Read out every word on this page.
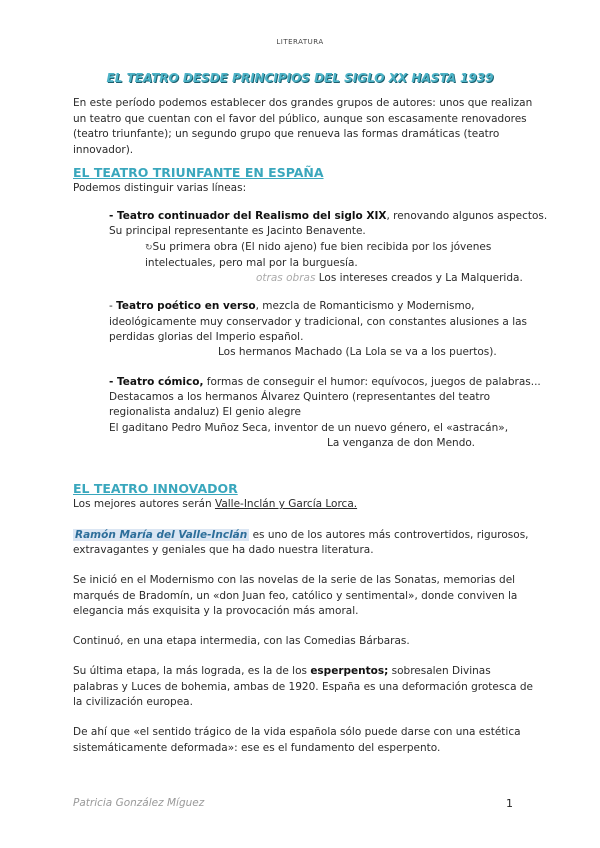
LITERATURA
EL TEATRO DESDE PRINCIPIOS DEL SIGLO XX HASTA 1939
En este período podemos establecer dos grandes grupos de autores: unos que realizan un teatro que cuentan con el favor del público, aunque son escasamente renovadores (teatro triunfante); un segundo grupo que renueva las formas dramáticas (teatro innovador).
EL TEATRO TRIUNFANTE EN ESPAÑA
Podemos distinguir varias líneas:
- Teatro continuador del Realismo del siglo XIX, renovando algunos aspectos.
Su principal representante es Jacinto Benavente.
↻Su primera obra (El nido ajeno) fue bien recibida por los jóvenes
intelectuales, pero mal por la burguesía.
otras obras Los intereses creados y La Malquerida.
- Teatro poético en verso, mezcla de Romanticismo y Modernismo,
ideológicamente muy conservador y tradicional, con constantes alusiones a las
perdidas glorias del Imperio español.
Los hermanos Machado (La Lola se va a los puertos).
- Teatro cómico, formas de conseguir el humor: equívocos, juegos de palabras...
Destacamos a los hermanos Álvarez Quintero (representantes del teatro
regionalista andaluz) El genio alegre
El gaditano Pedro Muñoz Seca, inventor de un nuevo género, el «astracán»,
La venganza de don Mendo.
EL TEATRO INNOVADOR
Los mejores autores serán Valle-Inclán y García Lorca.
Ramón María del Valle-Inclán es uno de los autores más controvertidos, rigurosos,
extravagantes y geniales que ha dado nuestra literatura.
Se inició en el Modernismo con las novelas de la serie de las Sonatas, memorias del marqués de Bradomín, un «don Juan feo, católico y sentimental», donde conviven la elegancia más exquisita y la provocación más amoral.
Continuó, en una etapa intermedia, con las Comedias Bárbaras.
Su última etapa, la más lograda, es la de los esperpentos; sobresalen Divinas palabras y Luces de bohemia, ambas de 1920. España es una deformación grotesca de la civilización europea.
De ahí que «el sentido trágico de la vida española sólo puede darse con una estética sistemáticamente deformada»: ese es el fundamento del esperpento.
Patricia González Míguez	1
